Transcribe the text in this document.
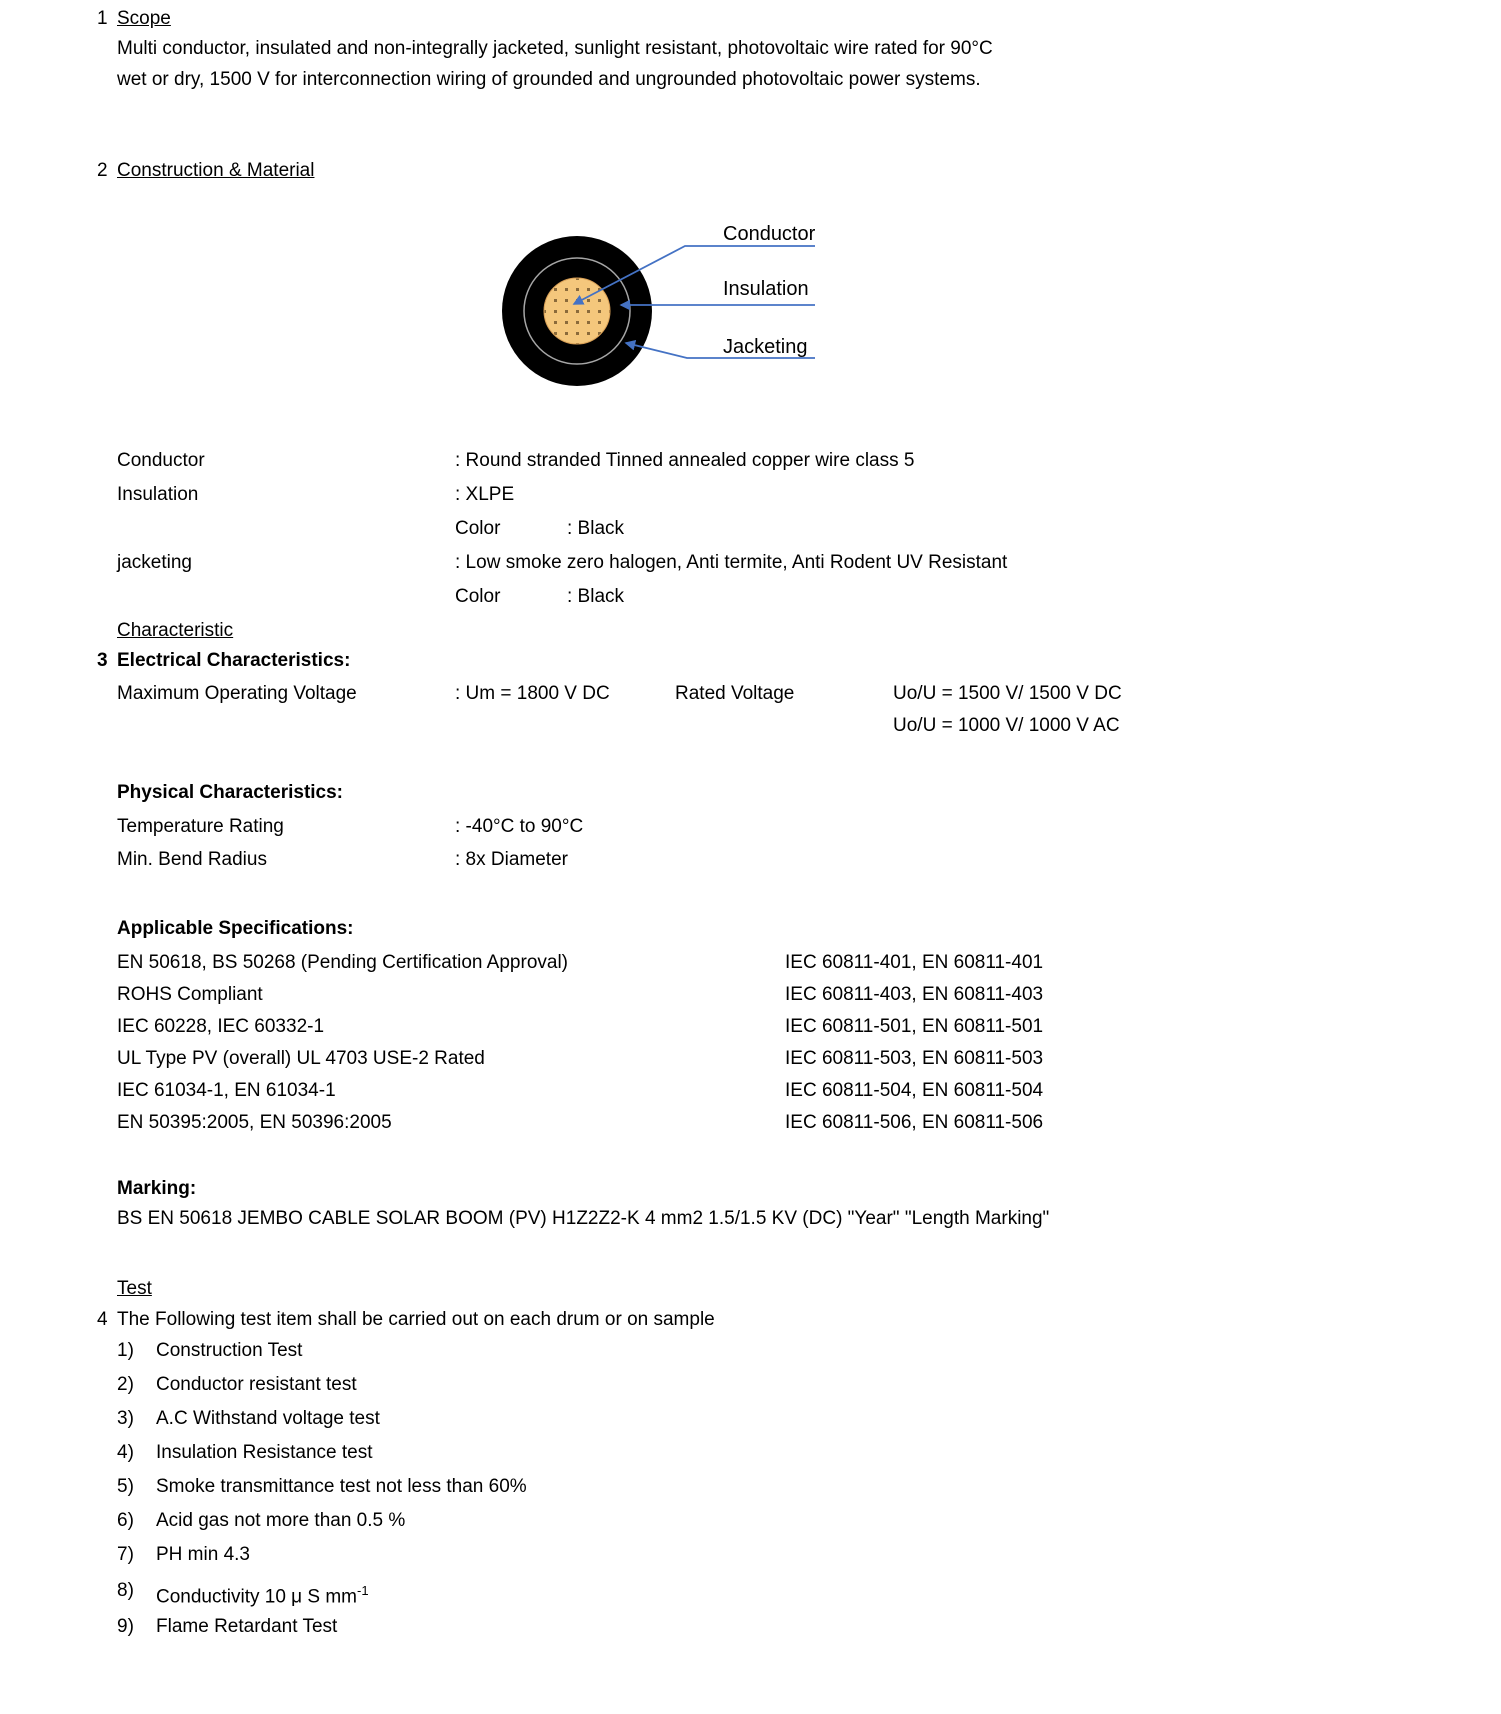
1 Scope

Multi conductor, insulated and non-integrally jacketed, sunlight resistant, photovoltaic wire rated for 90°C wet or dry, 1500 V for interconnection wiring of grounded and ungrounded photovoltaic power systems.

2 Construction & Material
Conductor
Insulation
Jacketing
Conductor	: Round stranded Tinned annealed copper wire class 5
Insulation	: XLPE
Color	: Black
jacketing	: Low smoke zero halogen, Anti termite, Anti Rodent UV Resistant
Color	: Black
Characteristic
3 Electrical Characteristics:
Maximum Operating Voltage	: Um = 1800 V DC	Rated Voltage	Uo/U = 1500 V/ 1500 V DC
Uo/U = 1000 V/ 1000 V AC
Physical Characteristics:
Temperature Rating	: -40°C to 90°C
Min. Bend Radius	: 8x Diameter
Applicable Specifications:
EN 50618, BS 50268 (Pending Certification Approval)	IEC 60811-401, EN 60811-401
ROHS Compliant	IEC 60811-403, EN 60811-403
IEC 60228, IEC 60332-1	IEC 60811-501, EN 60811-501
UL Type PV (overall) UL 4703 USE-2 Rated	IEC 60811-503, EN 60811-503
IEC 61034-1, EN 61034-1	IEC 60811-504, EN 60811-504
EN 50395:2005, EN 50396:2005	IEC 60811-506, EN 60811-506
Marking:
BS EN 50618 JEMBO CABLE SOLAR BOOM (PV) H1Z2Z2-K 4 mm2 1.5/1.5 KV (DC) "Year" "Length Marking"
Test
4 The Following test item shall be carried out on each drum or on sample
1)	Construction Test
2)	Conductor resistant test
3)	A.C Withstand voltage test
4)	Insulation Resistance test
5)	Smoke transmittance test not less than 60%
6)	Acid gas not more than 0.5 %
7)	PH min 4.3
8)	Conductivity 10 μ S $mm^{-1}$
9)	Flame Retardant Test
